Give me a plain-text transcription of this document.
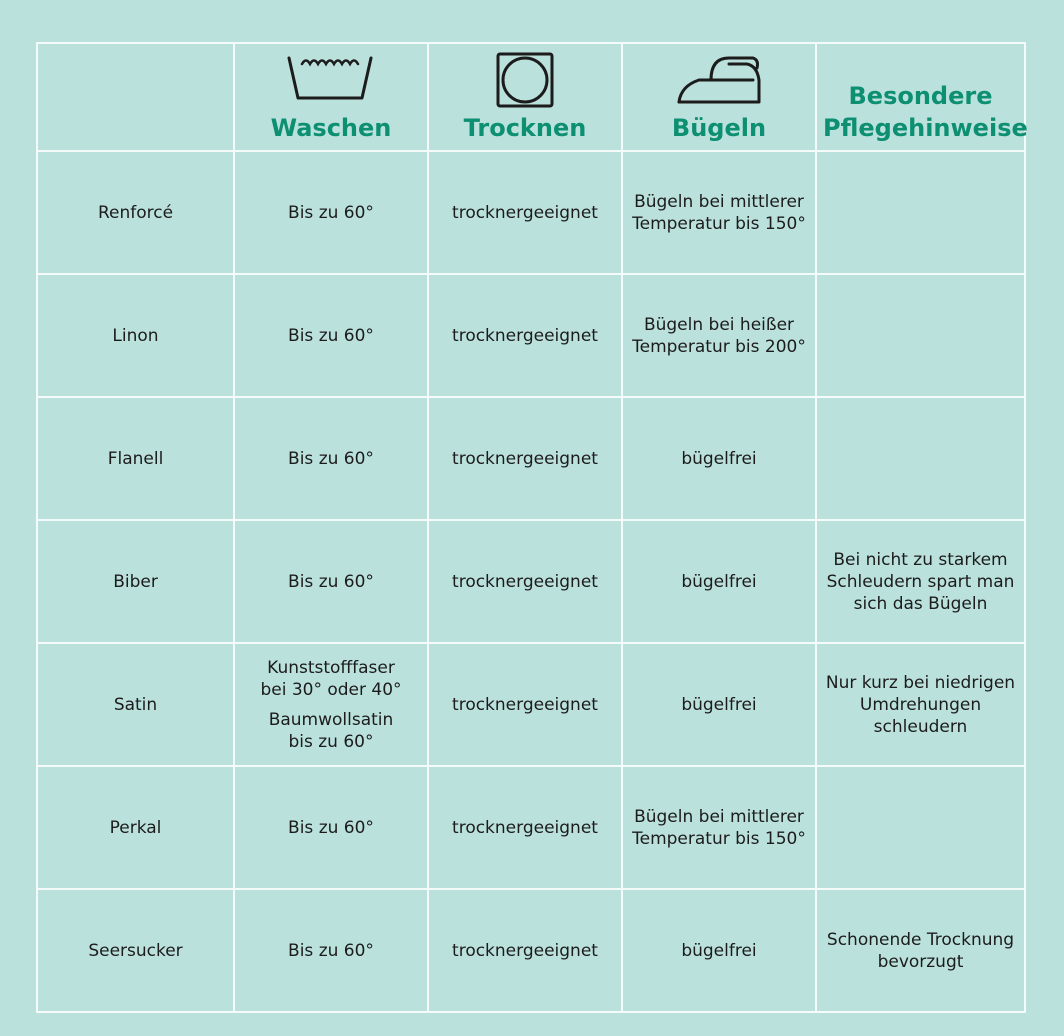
	Waschen	Trocknen	Bügeln	Besondere
Pflegehinweise

Renforcé	Bis zu 60°	trocknergeeignet	Bügeln bei mittlerer
Temperatur bis 150°	

Linon	Bis zu 60°	trocknergeeignet	Bügeln bei heißer
Temperatur bis 200°	

Flanell	Bis zu 60°	trocknergeeignet	bügelfrei	
Biber	Bis zu 60°	trocknergeeignet	bügelfrei	Bei nicht zu starkem
Schleudern spart man
sich das Bügeln

Satin	Kunststofffaser
bei 30° oder 40°
Baumwollsatin
bis zu 60°	trocknergeeignet	bügelfrei	Nur kurz bei niedrigen
Umdrehungen
schleudern

Perkal	Bis zu 60°	trocknergeeignet	Bügeln bei mittlerer
Temperatur bis 150°	

Seersucker	Bis zu 60°	trocknergeeignet	bügelfrei	Schonende Trocknung
bevorzugt
